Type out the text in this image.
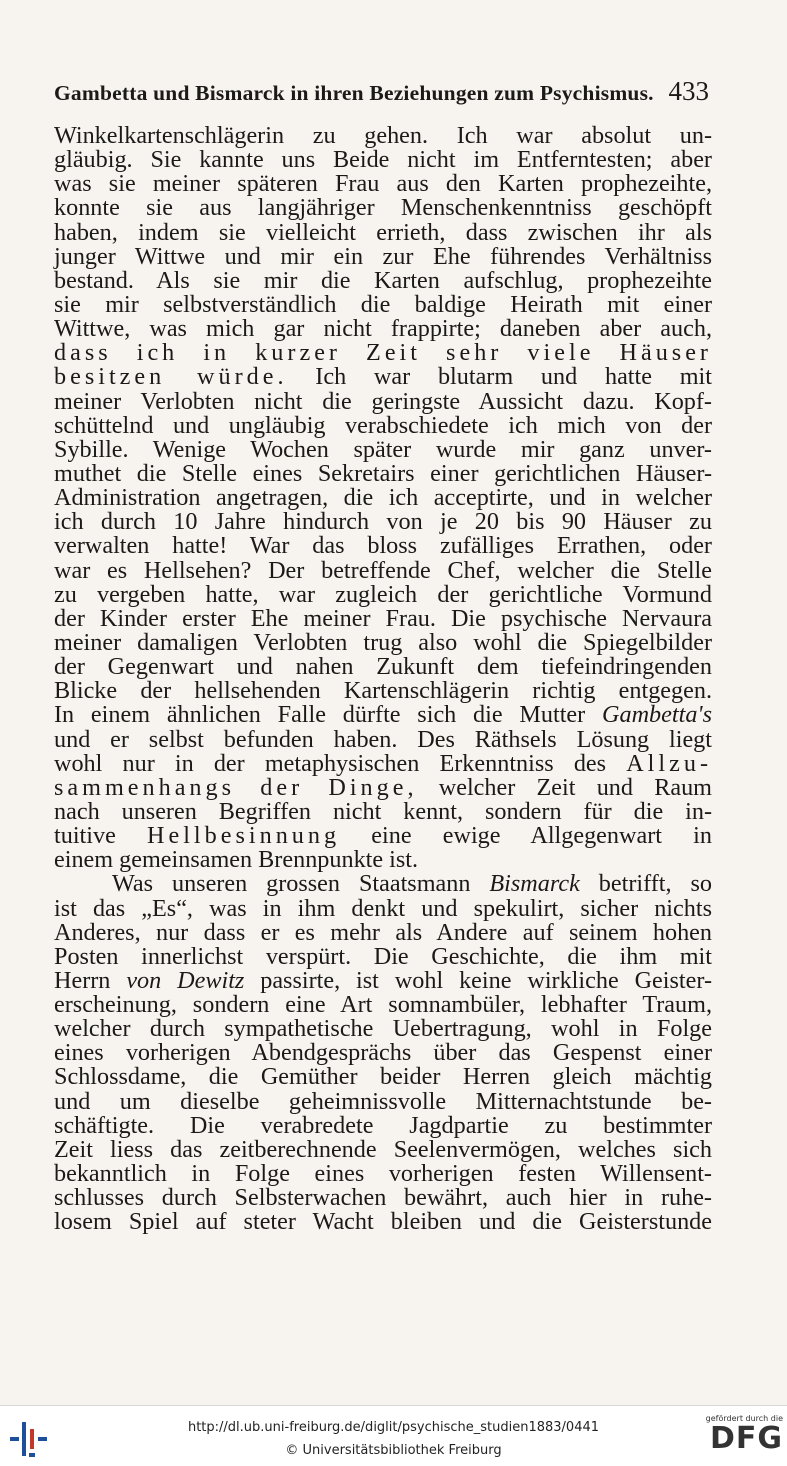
Gambetta und Bismarck in ihren Beziehungen zum Psychismus. 433

Winkelkartenschlägerin zu gehen. Ich war absolut un-
gläubig. Sie kannte uns Beide nicht im Entferntesten; aber
was sie meiner späteren Frau aus den Karten prophezeihte,
konnte sie aus langjähriger Menschenkenntniss geschöpft
haben, indem sie vielleicht errieth, dass zwischen ihr als
junger Wittwe und mir ein zur Ehe führendes Verhältniss
bestand. Als sie mir die Karten aufschlug, prophezeihte
sie mir selbstverständlich die baldige Heirath mit einer
Wittwe, was mich gar nicht frappirte; daneben aber auch,
dass ich in kurzer Zeit sehr viele Häuser
besitzen würde. Ich war blutarm und hatte mit
meiner Verlobten nicht die geringste Aussicht dazu. Kopf-
schüttelnd und ungläubig verabschiedete ich mich von der
Sybille. Wenige Wochen später wurde mir ganz unver-
muthet die Stelle eines Sekretairs einer gerichtlichen Häuser-
Administration angetragen, die ich acceptirte, und in welcher
ich durch 10 Jahre hindurch von je 20 bis 90 Häuser zu
verwalten hatte! War das bloss zufälliges Errathen, oder
war es Hellsehen? Der betreffende Chef, welcher die Stelle
zu vergeben hatte, war zugleich der gerichtliche Vormund
der Kinder erster Ehe meiner Frau. Die psychische Nervaura
meiner damaligen Verlobten trug also wohl die Spiegelbilder
der Gegenwart und nahen Zukunft dem tiefeindringenden
Blicke der hellsehenden Kartenschlägerin richtig entgegen.
In einem ähnlichen Falle dürfte sich die Mutter Gambetta's
und er selbst befunden haben. Des Räthsels Lösung liegt
wohl nur in der metaphysischen Erkenntniss des Allzu-
sammenhangs der Dinge, welcher Zeit und Raum
nach unseren Begriffen nicht kennt, sondern für die in-
tuitive Hellbesinnung eine ewige Allgegenwart in
einem gemeinsamen Brennpunkte ist.

Was unseren grossen Staatsmann Bismarck betrifft, so
ist das „Es“, was in ihm denkt und spekulirt, sicher nichts
Anderes, nur dass er es mehr als Andere auf seinem hohen
Posten innerlichst verspürt. Die Geschichte, die ihm mit
Herrn von Dewitz passirte, ist wohl keine wirkliche Geister-
erscheinung, sondern eine Art somnambüler, lebhafter Traum,
welcher durch sympathetische Uebertragung, wohl in Folge
eines vorherigen Abendgesprächs über das Gespenst einer
Schlossdame, die Gemüther beider Herren gleich mächtig
und um dieselbe geheimnissvolle Mitternachtstunde be-
schäftigte. Die verabredete Jagdpartie zu bestimmter
Zeit liess das zeitberechnende Seelenvermögen, welches sich
bekanntlich in Folge eines vorherigen festen Willensent-
schlusses durch Selbsterwachen bewährt, auch hier in ruhe-
losem Spiel auf steter Wacht bleiben und die Geisterstunde

http://dl.ub.uni-freiburg.de/diglit/psychische_studien1883/0441
© Universitätsbibliothek Freiburg
gefördert durch die
DFG
